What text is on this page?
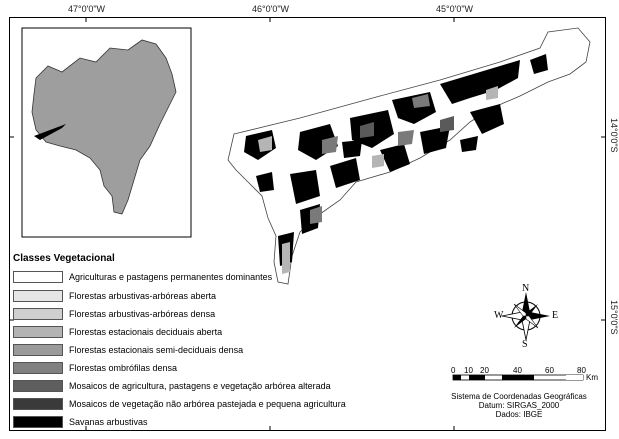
47°0'0"W	46°0'0"W	45°0'0"W
14°0'0"S
15°0'0"S
N
S
E
W
0 10 20	40	60	80
Km
Classes Vegetacional
Agriculturas e pastagens permanentes dominantes
Florestas arbustivas-arbóreas aberta
Florestas arbustivas-arbóreas densa
Florestas estacionais deciduais aberta
Florestas estacionais semi-deciduais densa
Florestas ombrófilas densa
Mosaicos de agricultura, pastagens e vegetação arbórea alterada
Mosaicos de vegetação não arbórea pastejada e pequena agricultura
Savanas arbustivas
Sistema de Coordenadas Geográficas
Datum: SIRGAS_2000
Dados: IBGE
